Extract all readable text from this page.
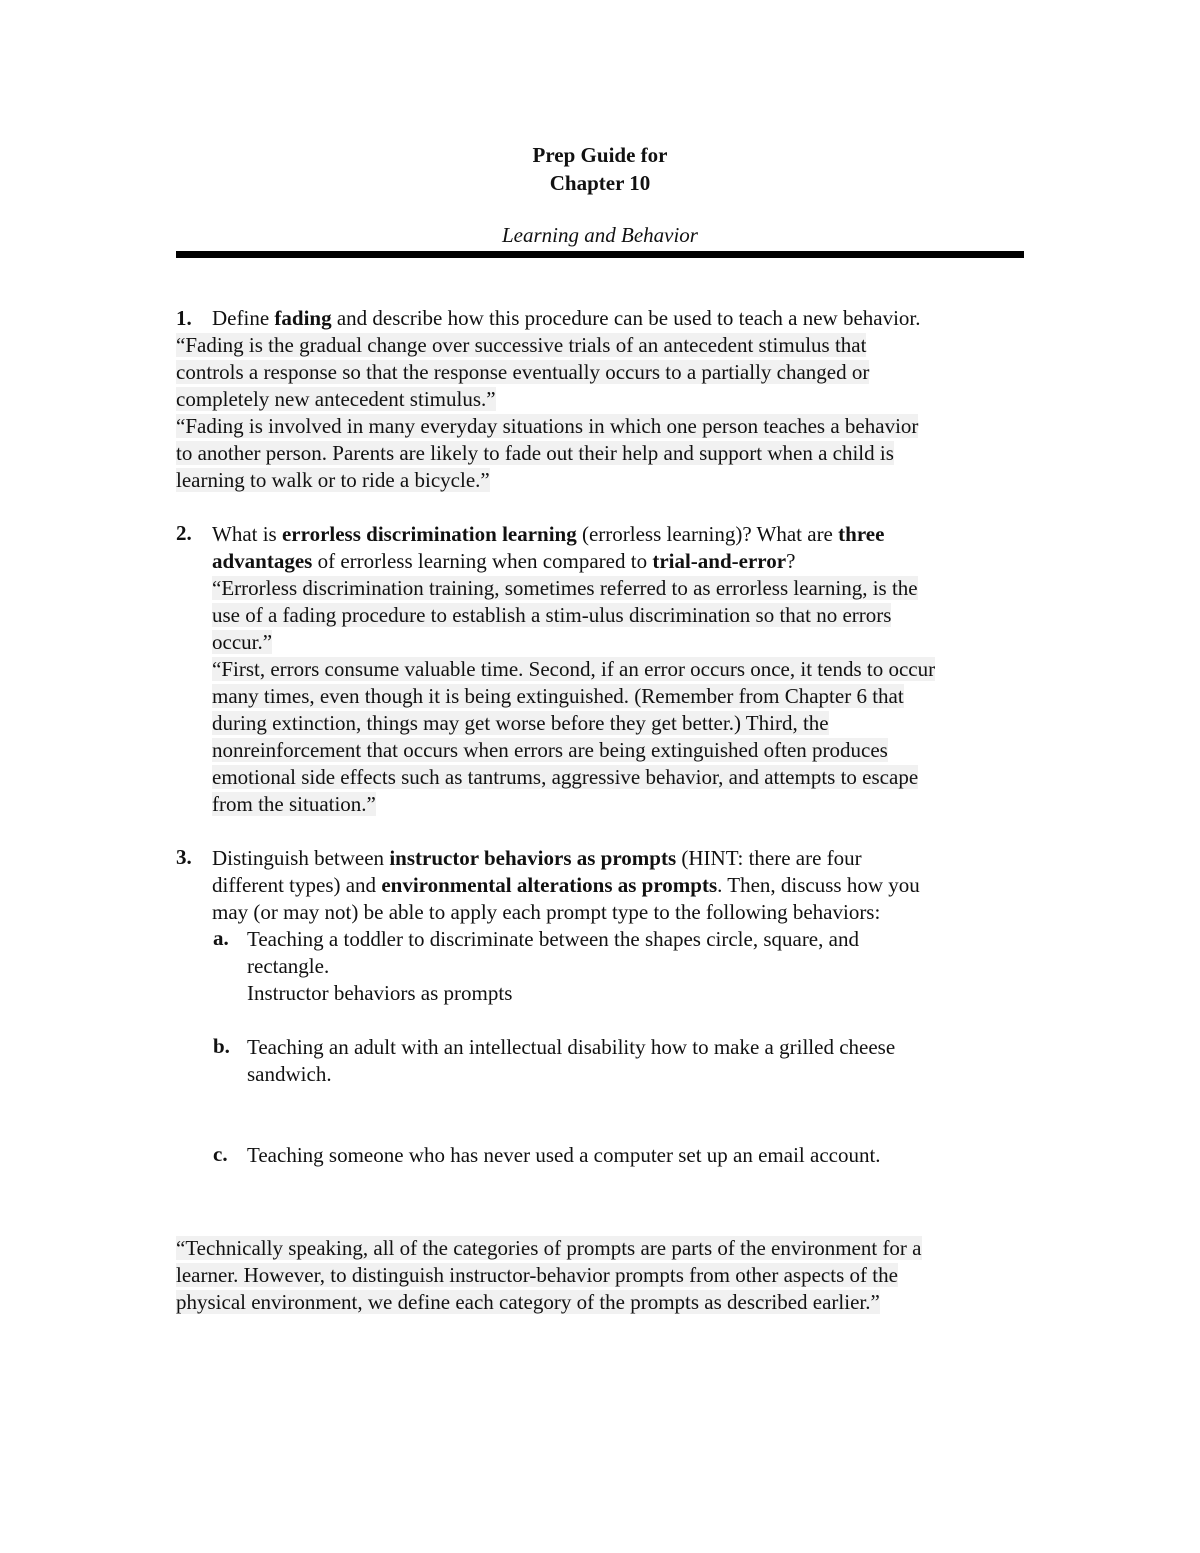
Prep Guide for
Chapter 10
Learning and Behavior
1. Define fading and describe how this procedure can be used to teach a new behavior.
“Fading is the gradual change over successive trials of an antecedent stimulus that
controls a response so that the response eventually occurs to a partially changed or
completely new antecedent stimulus.”
“Fading is involved in many everyday situations in which one person teaches a behavior
to another person. Parents are likely to fade out their help and support when a child is
learning to walk or to ride a bicycle.”
2. What is errorless discrimination learning (errorless learning)? What are three
advantages of errorless learning when compared to trial-and-error?
“Errorless discrimination training, sometimes referred to as errorless learning, is the
use of a fading procedure to establish a stim-ulus discrimination so that no errors
occur.”
“First, errors consume valuable time. Second, if an error occurs once, it tends to occur
many times, even though it is being extinguished. (Remember from Chapter 6 that
during extinction, things may get worse before they get better.) Third, the
nonreinforcement that occurs when errors are being extinguished often produces
emotional side effects such as tantrums, aggressive behavior, and attempts to escape
from the situation.”
3. Distinguish between instructor behaviors as prompts (HINT: there are four
different types) and environmental alterations as prompts. Then, discuss how you
may (or may not) be able to apply each prompt type to the following behaviors:
a. Teaching a toddler to discriminate between the shapes circle, square, and
rectangle.
Instructor behaviors as prompts
b. Teaching an adult with an intellectual disability how to make a grilled cheese
sandwich.
c. Teaching someone who has never used a computer set up an email account.
“Technically speaking, all of the categories of prompts are parts of the environment for a
learner. However, to distinguish instructor-behavior prompts from other aspects of the
physical environment, we define each category of the prompts as described earlier.”
